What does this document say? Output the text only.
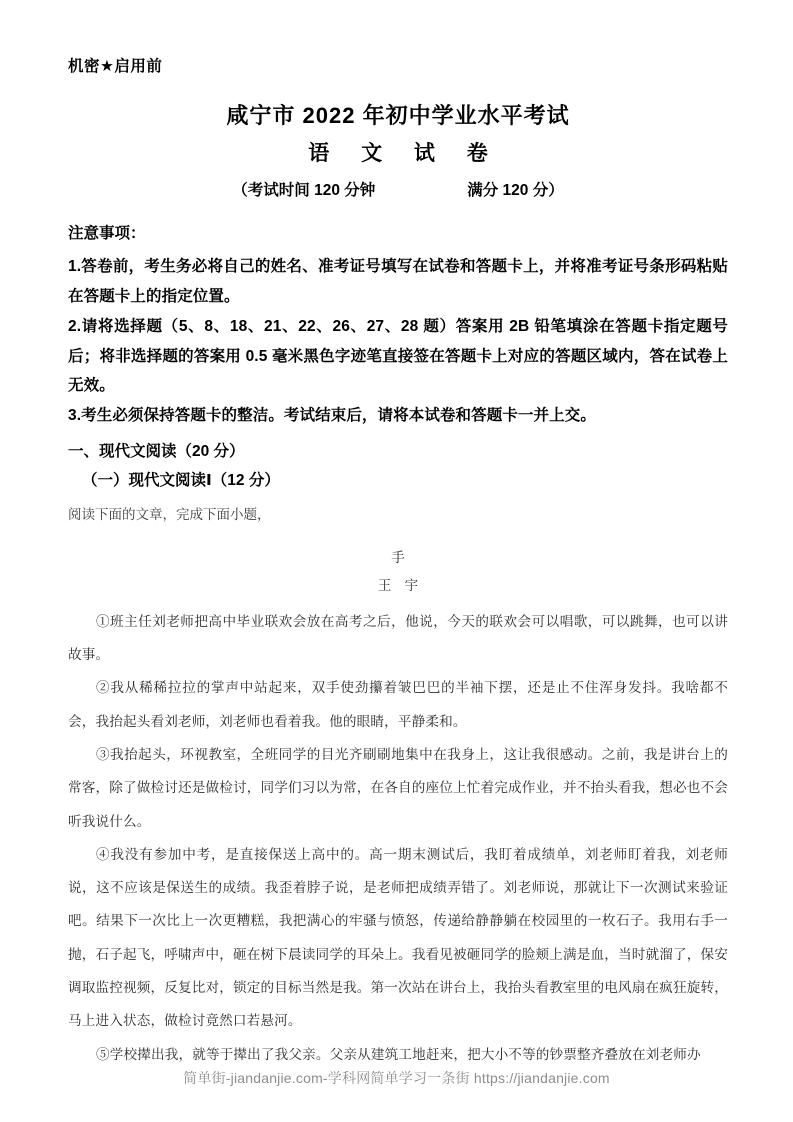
机密★启用前

咸宁市 2022 年初中学业水平考试
语 文 试 卷

（考试时间 120 分钟	满分 120 分）

注意事项：

1.答卷前，考生务必将自己的姓名、准考证号填写在试卷和答题卡上，并将准考证号条形码粘贴在答题卡上的指定位置。

2.请将选择题（5、8、18、21、22、26、27、28 题）答案用 2B 铅笔填涂在答题卡指定题号后；将非选择题的答案用 0.5 毫米黑色字迹笔直接签在答题卡上对应的答题区域内，答在试卷上无效。

3.考生必须保持答题卡的整洁。考试结束后，请将本试卷和答题卡一并上交。

一、现代文阅读（20 分）

（一）现代文阅读Ⅰ（12 分）

阅读下面的文章，完成下面小题，

手

王 宇

①班主任刘老师把高中毕业联欢会放在高考之后，他说，今天的联欢会可以唱歌，可以跳舞，也可以讲故事。

②我从稀稀拉拉的掌声中站起来，双手使劲攥着皱巴巴的半袖下摆，还是止不住浑身发抖。我啥都不会，我抬起头看刘老师，刘老师也看着我。他的眼睛，平静柔和。

③我抬起头，环视教室，全班同学的目光齐刷刷地集中在我身上，这让我很感动。之前，我是讲台上的常客，除了做检讨还是做检讨，同学们习以为常，在各自的座位上忙着完成作业，并不抬头看我，想必也不会听我说什么。

④我没有参加中考，是直接保送上高中的。高一期末测试后，我盯着成绩单，刘老师盯着我，刘老师说，这不应该是保送生的成绩。我歪着脖子说，是老师把成绩弄错了。刘老师说，那就让下一次测试来验证吧。结果下一次比上一次更糟糕，我把满心的牢骚与愤怒，传递给静静躺在校园里的一枚石子。我用右手一抛，石子起飞，呼啸声中，砸在树下晨读同学的耳朵上。我看见被砸同学的脸颊上满是血，当时就溜了，保安调取监控视频，反复比对，锁定的目标当然是我。第一次站在讲台上，我抬头看教室里的电风扇在疯狂旋转，马上进入状态，做检讨竟然口若悬河。

⑤学校撵出我，就等于撵出了我父亲。父亲从建筑工地赶来，把大小不等的钞票整齐叠放在刘老师办

简单街-jiandanjie.com-学科网简单学习一条街 https://jiandanjie.com
